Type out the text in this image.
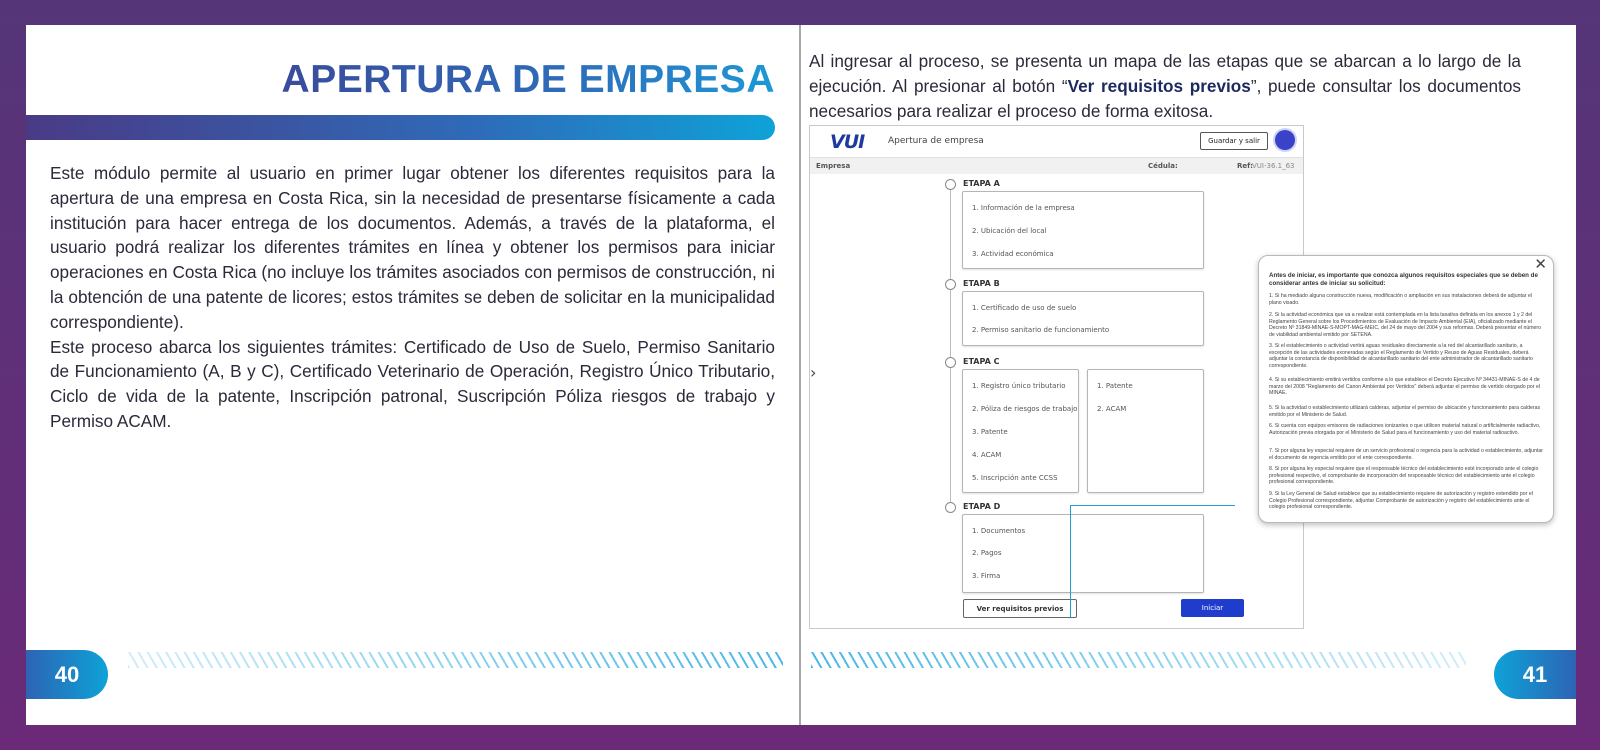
APERTURA DE EMPRESA

Este módulo permite al usuario en primer lugar obtener los diferentes requisitos para la apertura de una empresa en Costa Rica, sin la necesidad de presentarse físicamente a cada institución para hacer entrega de los documentos. Además, a través de la plataforma, el usuario podrá realizar los diferentes trámites en línea y obtener los permisos para iniciar operaciones en Costa Rica (no incluye los trámites asociados con permisos de construcción, ni la obtención de una patente de licores; estos trámites se deben de solicitar en la municipalidad correspondiente).

Este proceso abarca los siguientes trámites: Certificado de Uso de Suelo, Permiso Sanitario de Funcionamiento (A, B y C), Certificado Veterinario de Operación, Registro Único Tributario, Ciclo de vida de la patente, Inscripción patronal, Suscripción Póliza riesgos de trabajo y Permiso ACAM.

40

Al ingresar al proceso, se presenta un mapa de las etapas que se abarcan a lo largo de la ejecución. Al presionar al botón “Ver requisitos previos”, puede consultar los documentos necesarios para realizar el proceso de forma exitosa.

VUI	Apertura de empresa	Guardar y salir
Empresa	Cédula:	Ref: VUI-36.1_63
›
ETAPA A
1. Información de la empresa
2. Ubicación del local
3. Actividad económica
ETAPA B
1. Certificado de uso de suelo
2. Permiso sanitario de funcionamiento
ETAPA C
1. Registro único tributario
2. Póliza de riesgos de trabajo
3. Patente
4. ACAM
5. Inscripción ante CCSS
1. Patente
2. ACAM
ETAPA D
1. Documentos
2. Pagos
3. Firma
Ver requisitos previos	Iniciar
✕
Antes de iniciar, es importante que conozca algunos requisitos especiales que se deben de considerar antes de iniciar su solicitud:
1. Si ha mediado alguna construcción nueva, modificación o ampliación en sus instalaciones deberá de adjuntar el plano visado.
2. Si la actividad económica que va a realizar está contemplada en la lista taxativa definida en los anexos 1 y 2 del Reglamento General sobre los Procedimientos de Evaluación de Impacto Ambiental (EIA), oficializado mediante el Decreto Nº 31849-MINAE-S-MOPT-MAG-MEIC, del 24 de mayo del 2004 y sus reformas. Deberá presentar el número de viabilidad ambiental emitido por SETENA.
3. Si el establecimiento o actividad vertirá aguas residuales directamente a la red del alcantarillado sanitario, a excepción de las actividades exoneradas según el Reglamento de Vertido y Reuso de Aguas Residuales, deberá adjuntar la constancia de disponibilidad de alcantarillado sanitario del ente administrador de alcantarillado sanitario correspondiente.
4. Si su establecimiento emitirá vertidos conforme a lo que establece el Decreto Ejecutivo Nº 34431-MINAE-S de 4 de marzo del 2008 "Reglamento del Canon Ambiental por Vertidos" deberá adjuntar el permiso de vertido otorgado por el MINAE.
5. Si la actividad o establecimiento utilizará calderas, adjuntar el permiso de ubicación y funcionamiento para calderas emitido por el Ministerio de Salud.
6. Si cuenta con equipos emisores de radiaciones ionizantes o que utilicen material natural o artificialmente radiactivo, Autorización previa otorgada por el Ministerio de Salud para el funcionamiento y uso del material radioactivo.
7. Si por alguna ley especial requiere de un servicio profesional o regencia para la actividad o establecimiento, adjuntar el documento de regencia emitido por el ente correspondiente.
8. Si por alguna ley especial requiere que el responsable técnico del establecimiento esté incorporado ante el colegio profesional respectivo, el comprobante de incorporación del responsable técnico del establecimiento ante el colegio profesional correspondiente.
9. Si la Ley General de Salud establece que su establecimiento requiere de autorización y registro extendido por el Colegio Profesional correspondiente, adjuntar Comprobante de autorización y registro del establecimiento ante el colegio profesional correspondiente.
41
